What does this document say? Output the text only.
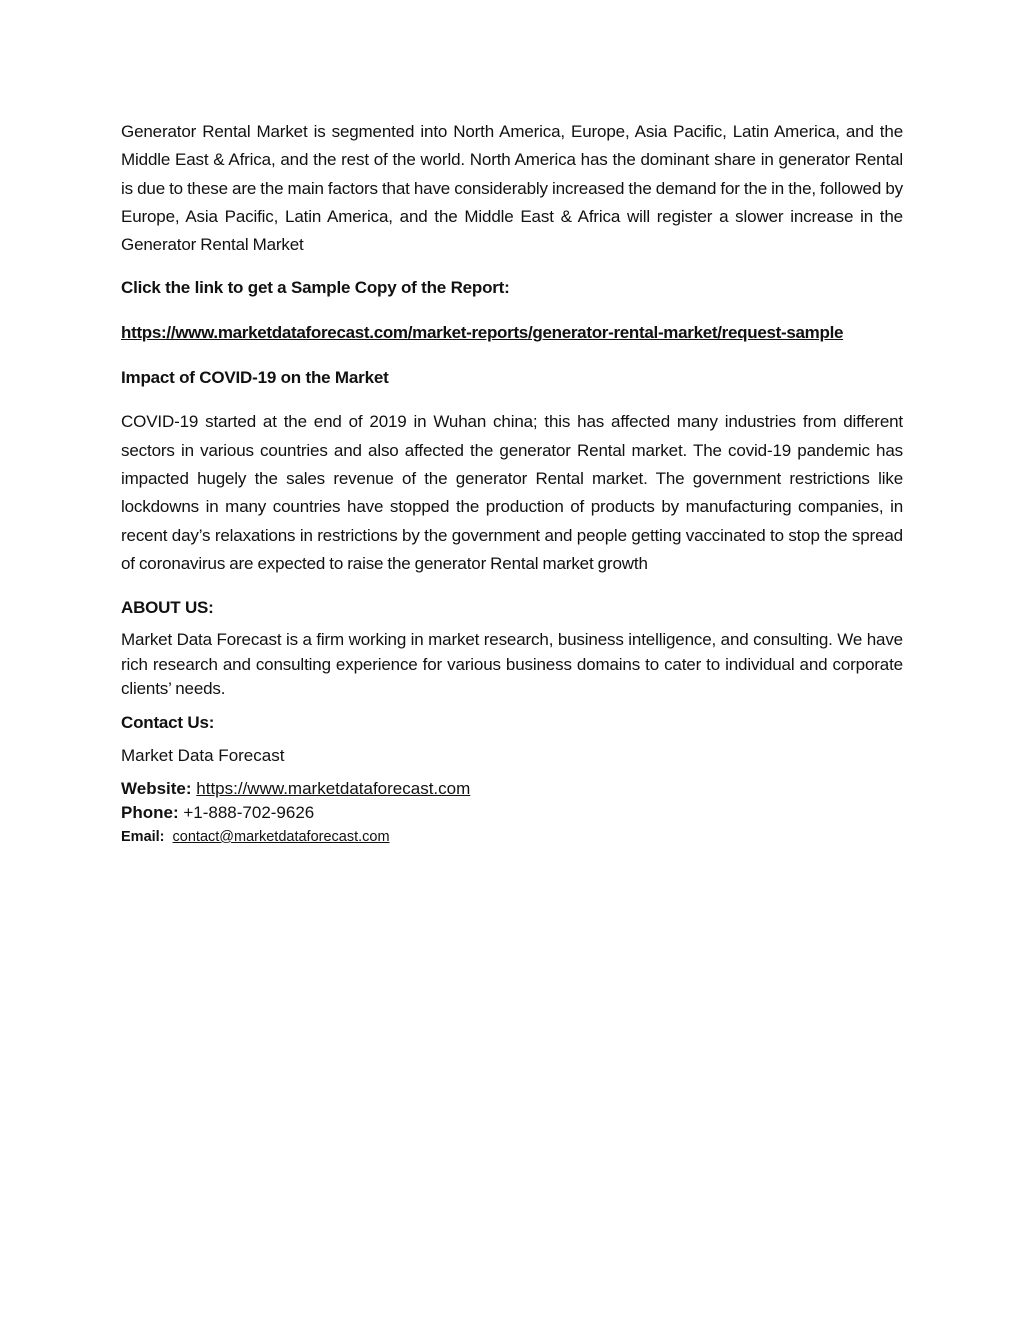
Generator Rental Market is segmented into North America, Europe, Asia Pacific, Latin America, and the Middle East & Africa, and the rest of the world. North America has the dominant share in generator Rental is due to these are the main factors that have considerably increased the demand for the in the, followed by Europe, Asia Pacific, Latin America, and the Middle East & Africa will register a slower increase in the Generator Rental Market

Click the link to get a Sample Copy of the Report:

https://www.marketdataforecast.com/market-reports/generator-rental-market/request-sample

Impact of COVID-19 on the Market

COVID-19 started at the end of 2019 in Wuhan china; this has affected many industries from different sectors in various countries and also affected the generator Rental market. The covid-19 pandemic has impacted hugely the sales revenue of the generator Rental market. The government restrictions like lockdowns in many countries have stopped the production of products by manufacturing companies, in recent day’s relaxations in restrictions by the government and people getting vaccinated to stop the spread of coronavirus are expected to raise the generator Rental market growth

ABOUT US:

Market Data Forecast is a firm working in market research, business intelligence, and consulting. We have rich research and consulting experience for various business domains to cater to individual and corporate clients’ needs.

Contact Us:

Market Data Forecast

Website: https://www.marketdataforecast.com

Phone: +1-888-702-9626

Email: contact@marketdataforecast.com
